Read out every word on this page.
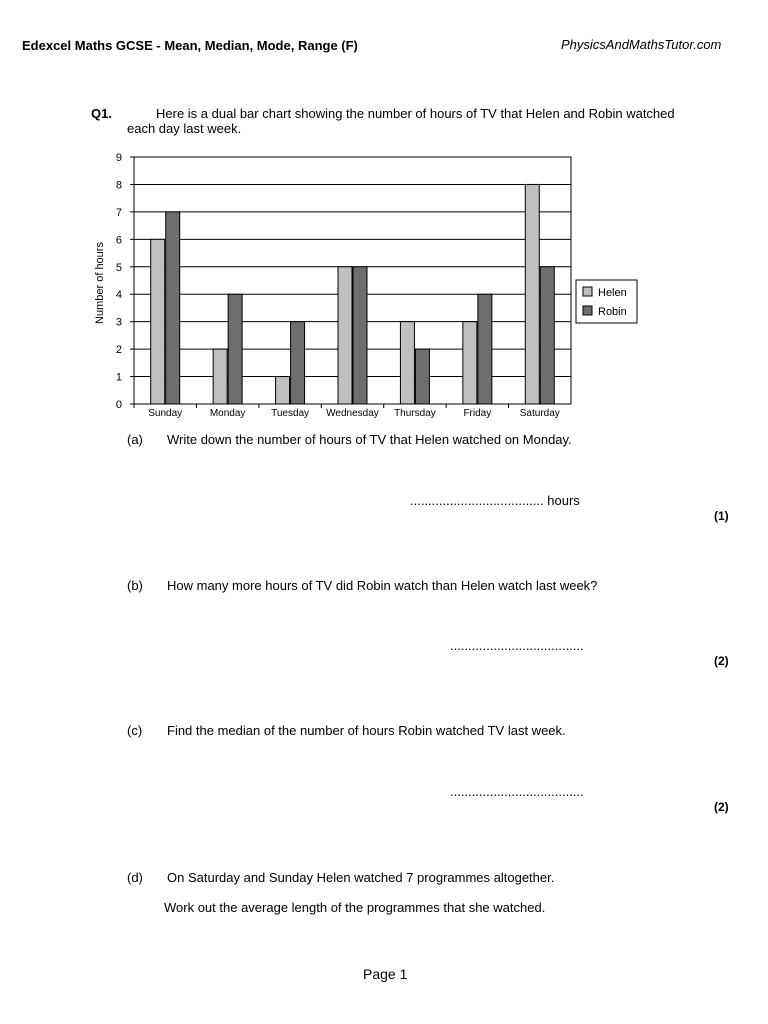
Edexcel Maths GCSE - Mean, Median, Mode, Range (F)	PhysicsAndMathsTutor.com
Q1.	Here is a dual bar chart showing the number of hours of TV that Helen and Robin watched each day last week.
0
1
2
3
4
5
6
7
8
9
Sunday	Monday	Tuesday Wednesday Thursday	Friday	Saturday
Number of hours	Helen
Robin
(a) Write down the number of hours of TV that Helen watched on Monday.
..................................... hours
(1)
(b) How many more hours of TV did Robin watch than Helen watch last week?
.....................................
(2)
(c) Find the median of the number of hours Robin watched TV last week.
.....................................
(2)
(d) On Saturday and Sunday Helen watched 7 programmes altogether.
Work out the average length of the programmes that she watched.
Page 1
